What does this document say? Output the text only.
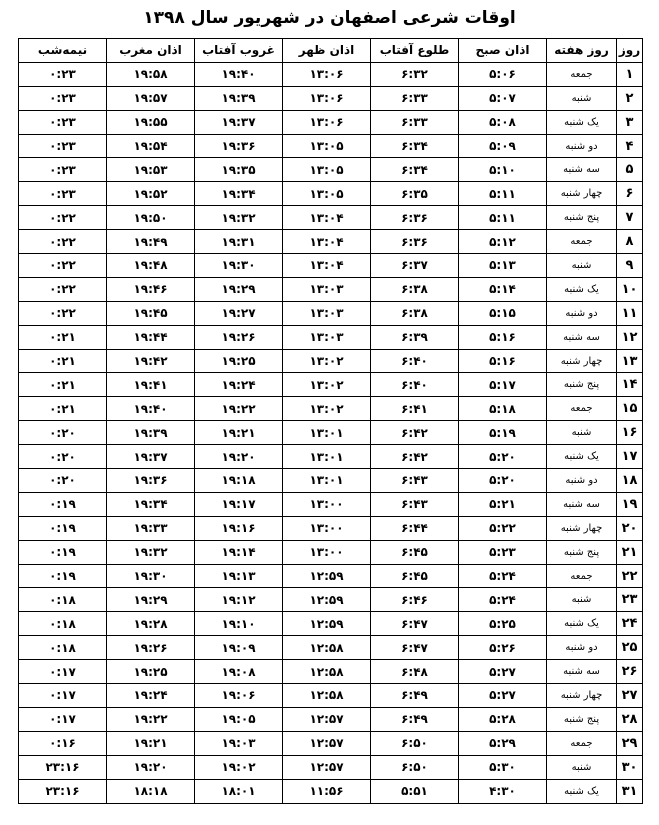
اوقات شرعی اصفهان در شهریور سال ۱۳۹۸
روز	روز هفته	اذان صبح	طلوع آفتاب	اذان ظهر	غروب آفتاب	اذان مغرب	نیمه‌شب
۱	جمعه	۵:۰۶	۶:۳۲	۱۳:۰۶	۱۹:۴۰	۱۹:۵۸	۰:۲۳
۲	شنبه	۵:۰۷	۶:۳۳	۱۳:۰۶	۱۹:۳۹	۱۹:۵۷	۰:۲۳
۳	یک شنبه	۵:۰۸	۶:۳۳	۱۳:۰۶	۱۹:۳۷	۱۹:۵۵	۰:۲۳
۴	دو شنبه	۵:۰۹	۶:۳۴	۱۳:۰۵	۱۹:۳۶	۱۹:۵۴	۰:۲۳
۵	سه شنبه	۵:۱۰	۶:۳۴	۱۳:۰۵	۱۹:۳۵	۱۹:۵۳	۰:۲۳
۶	چهار شنبه	۵:۱۱	۶:۳۵	۱۳:۰۵	۱۹:۳۴	۱۹:۵۲	۰:۲۳
۷	پنج شنبه	۵:۱۱	۶:۳۶	۱۳:۰۴	۱۹:۳۲	۱۹:۵۰	۰:۲۲
۸	جمعه	۵:۱۲	۶:۳۶	۱۳:۰۴	۱۹:۳۱	۱۹:۴۹	۰:۲۲
۹	شنبه	۵:۱۳	۶:۳۷	۱۳:۰۴	۱۹:۳۰	۱۹:۴۸	۰:۲۲
۱۰	یک شنبه	۵:۱۴	۶:۳۸	۱۳:۰۳	۱۹:۲۹	۱۹:۴۶	۰:۲۲
۱۱	دو شنبه	۵:۱۵	۶:۳۸	۱۳:۰۳	۱۹:۲۷	۱۹:۴۵	۰:۲۲
۱۲	سه شنبه	۵:۱۶	۶:۳۹	۱۳:۰۳	۱۹:۲۶	۱۹:۴۴	۰:۲۱
۱۳	چهار شنبه	۵:۱۶	۶:۴۰	۱۳:۰۲	۱۹:۲۵	۱۹:۴۲	۰:۲۱
۱۴	پنج شنبه	۵:۱۷	۶:۴۰	۱۳:۰۲	۱۹:۲۴	۱۹:۴۱	۰:۲۱
۱۵	جمعه	۵:۱۸	۶:۴۱	۱۳:۰۲	۱۹:۲۲	۱۹:۴۰	۰:۲۱
۱۶	شنبه	۵:۱۹	۶:۴۲	۱۳:۰۱	۱۹:۲۱	۱۹:۳۹	۰:۲۰
۱۷	یک شنبه	۵:۲۰	۶:۴۲	۱۳:۰۱	۱۹:۲۰	۱۹:۳۷	۰:۲۰
۱۸	دو شنبه	۵:۲۰	۶:۴۳	۱۳:۰۱	۱۹:۱۸	۱۹:۳۶	۰:۲۰
۱۹	سه شنبه	۵:۲۱	۶:۴۳	۱۳:۰۰	۱۹:۱۷	۱۹:۳۴	۰:۱۹
۲۰	چهار شنبه	۵:۲۲	۶:۴۴	۱۳:۰۰	۱۹:۱۶	۱۹:۳۳	۰:۱۹
۲۱	پنج شنبه	۵:۲۳	۶:۴۵	۱۳:۰۰	۱۹:۱۴	۱۹:۳۲	۰:۱۹
۲۲	جمعه	۵:۲۴	۶:۴۵	۱۲:۵۹	۱۹:۱۳	۱۹:۳۰	۰:۱۹
۲۳	شنبه	۵:۲۴	۶:۴۶	۱۲:۵۹	۱۹:۱۲	۱۹:۲۹	۰:۱۸
۲۴	یک شنبه	۵:۲۵	۶:۴۷	۱۲:۵۹	۱۹:۱۰	۱۹:۲۸	۰:۱۸
۲۵	دو شنبه	۵:۲۶	۶:۴۷	۱۲:۵۸	۱۹:۰۹	۱۹:۲۶	۰:۱۸
۲۶	سه شنبه	۵:۲۷	۶:۴۸	۱۲:۵۸	۱۹:۰۸	۱۹:۲۵	۰:۱۷
۲۷	چهار شنبه	۵:۲۷	۶:۴۹	۱۲:۵۸	۱۹:۰۶	۱۹:۲۴	۰:۱۷
۲۸	پنج شنبه	۵:۲۸	۶:۴۹	۱۲:۵۷	۱۹:۰۵	۱۹:۲۲	۰:۱۷
۲۹	جمعه	۵:۲۹	۶:۵۰	۱۲:۵۷	۱۹:۰۳	۱۹:۲۱	۰:۱۶
۳۰	شنبه	۵:۳۰	۶:۵۰	۱۲:۵۷	۱۹:۰۲	۱۹:۲۰	۲۳:۱۶
۳۱	یک شنبه	۴:۳۰	۵:۵۱	۱۱:۵۶	۱۸:۰۱	۱۸:۱۸	۲۳:۱۶
